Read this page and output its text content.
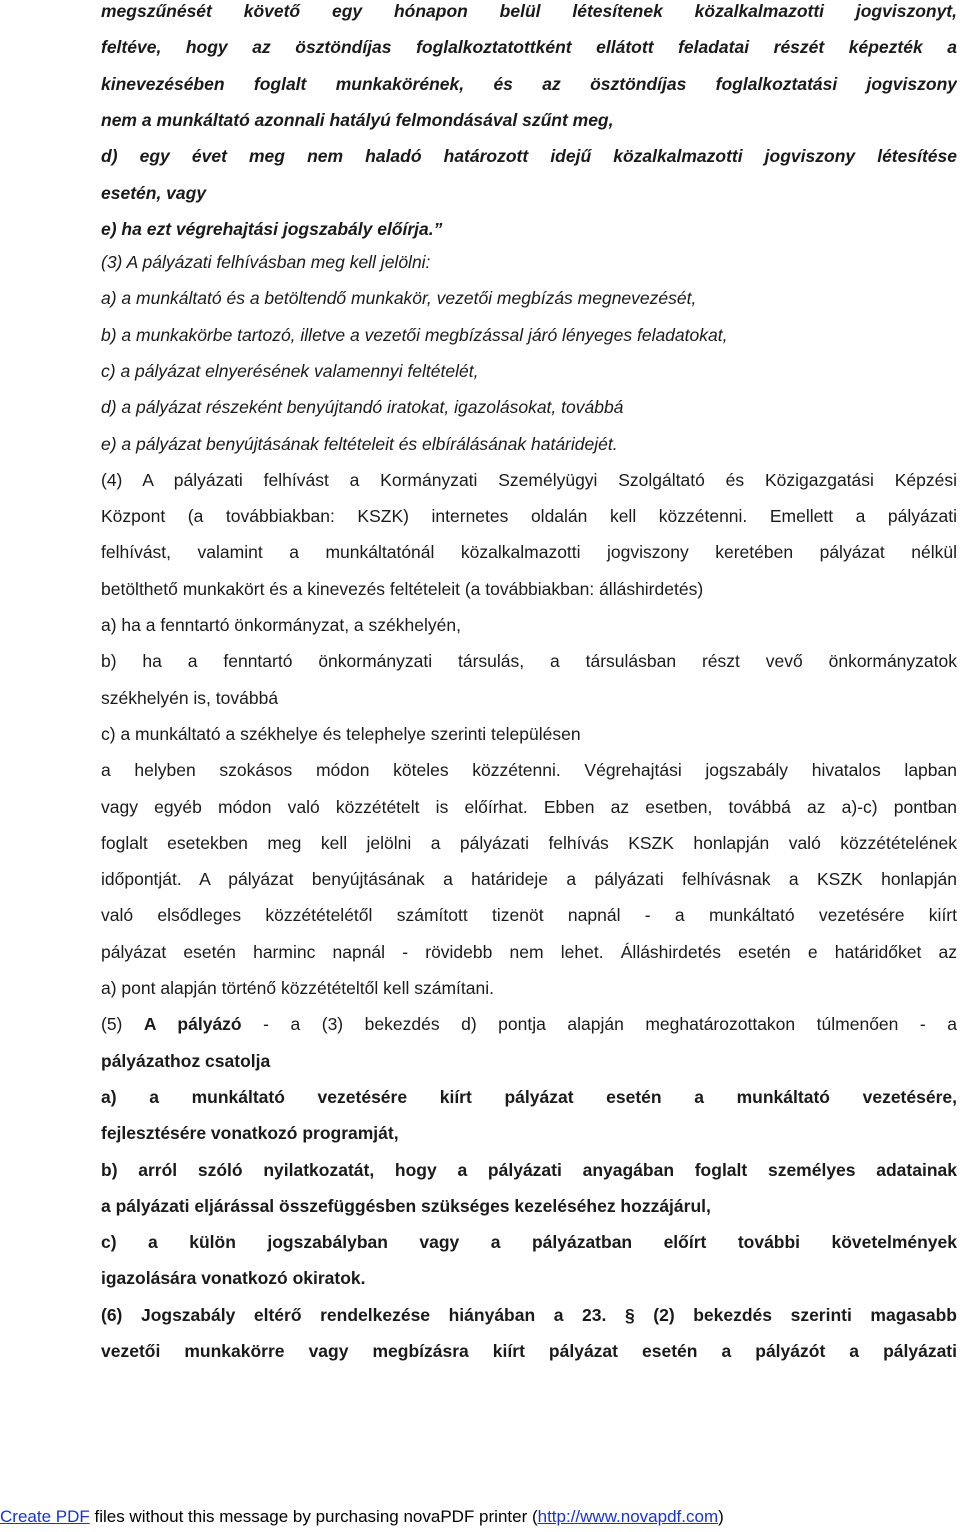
megszűnését követő egy hónapon belül létesítenek közalkalmazotti jogviszonyt,
feltéve, hogy az ösztöndíjas foglalkoztatottként ellátott feladatai részét képezték a
kinevezésében foglalt munkakörének, és az ösztöndíjas foglalkoztatási jogviszony
nem a munkáltató azonnali hatályú felmondásával szűnt meg,
d) egy évet meg nem haladó határozott idejű közalkalmazotti jogviszony létesítése
esetén, vagy
e) ha ezt végrehajtási jogszabály előírja.”
(3) A pályázati felhívásban meg kell jelölni:
a) a munkáltató és a betöltendő munkakör, vezetői megbízás megnevezését,
b) a munkakörbe tartozó, illetve a vezetői megbízással járó lényeges feladatokat,
c) a pályázat elnyerésének valamennyi feltételét,
d) a pályázat részeként benyújtandó iratokat, igazolásokat, továbbá
e) a pályázat benyújtásának feltételeit és elbírálásának határidejét.
(4) A pályázati felhívást a Kormányzati Személyügyi Szolgáltató és Közigazgatási Képzési
Központ (a továbbiakban: KSZK) internetes oldalán kell közzétenni. Emellett a pályázati
felhívást, valamint a munkáltatónál közalkalmazotti jogviszony keretében pályázat nélkül
betölthető munkakört és a kinevezés feltételeit (a továbbiakban: álláshirdetés)
a) ha a fenntartó önkormányzat, a székhelyén,
b) ha a fenntartó önkormányzati társulás, a társulásban részt vevő önkormányzatok
székhelyén is, továbbá
c) a munkáltató a székhelye és telephelye szerinti településen
a helyben szokásos módon köteles közzétenni. Végrehajtási jogszabály hivatalos lapban
vagy egyéb módon való közzétételt is előírhat. Ebben az esetben, továbbá az a)-c) pontban
foglalt esetekben meg kell jelölni a pályázati felhívás KSZK honlapján való közzétételének
időpontját. A pályázat benyújtásának a határideje a pályázati felhívásnak a KSZK honlapján
való elsődleges közzétételétől számított tizenöt napnál - a munkáltató vezetésére kiírt
pályázat esetén harminc napnál - rövidebb nem lehet. Álláshirdetés esetén e határidőket az
a) pont alapján történő közzétételtől kell számítani.
(5) A pályázó - a (3) bekezdés d) pontja alapján meghatározottakon túlmenően - a
pályázathoz csatolja
a) a munkáltató vezetésére kiírt pályázat esetén a munkáltató vezetésére,
fejlesztésére vonatkozó programját,
b) arról szóló nyilatkozatát, hogy a pályázati anyagában foglalt személyes adatainak
a pályázati eljárással összefüggésben szükséges kezeléséhez hozzájárul,
c) a külön jogszabályban vagy a pályázatban előírt további követelmények
igazolására vonatkozó okiratok.
(6) Jogszabály eltérő rendelkezése hiányában a 23. § (2) bekezdés szerinti magasabb
vezetői munkakörre vagy megbízásra kiírt pályázat esetén a pályázót a pályázati
Create PDF files without this message by purchasing novaPDF printer (http://www.novapdf.com)
